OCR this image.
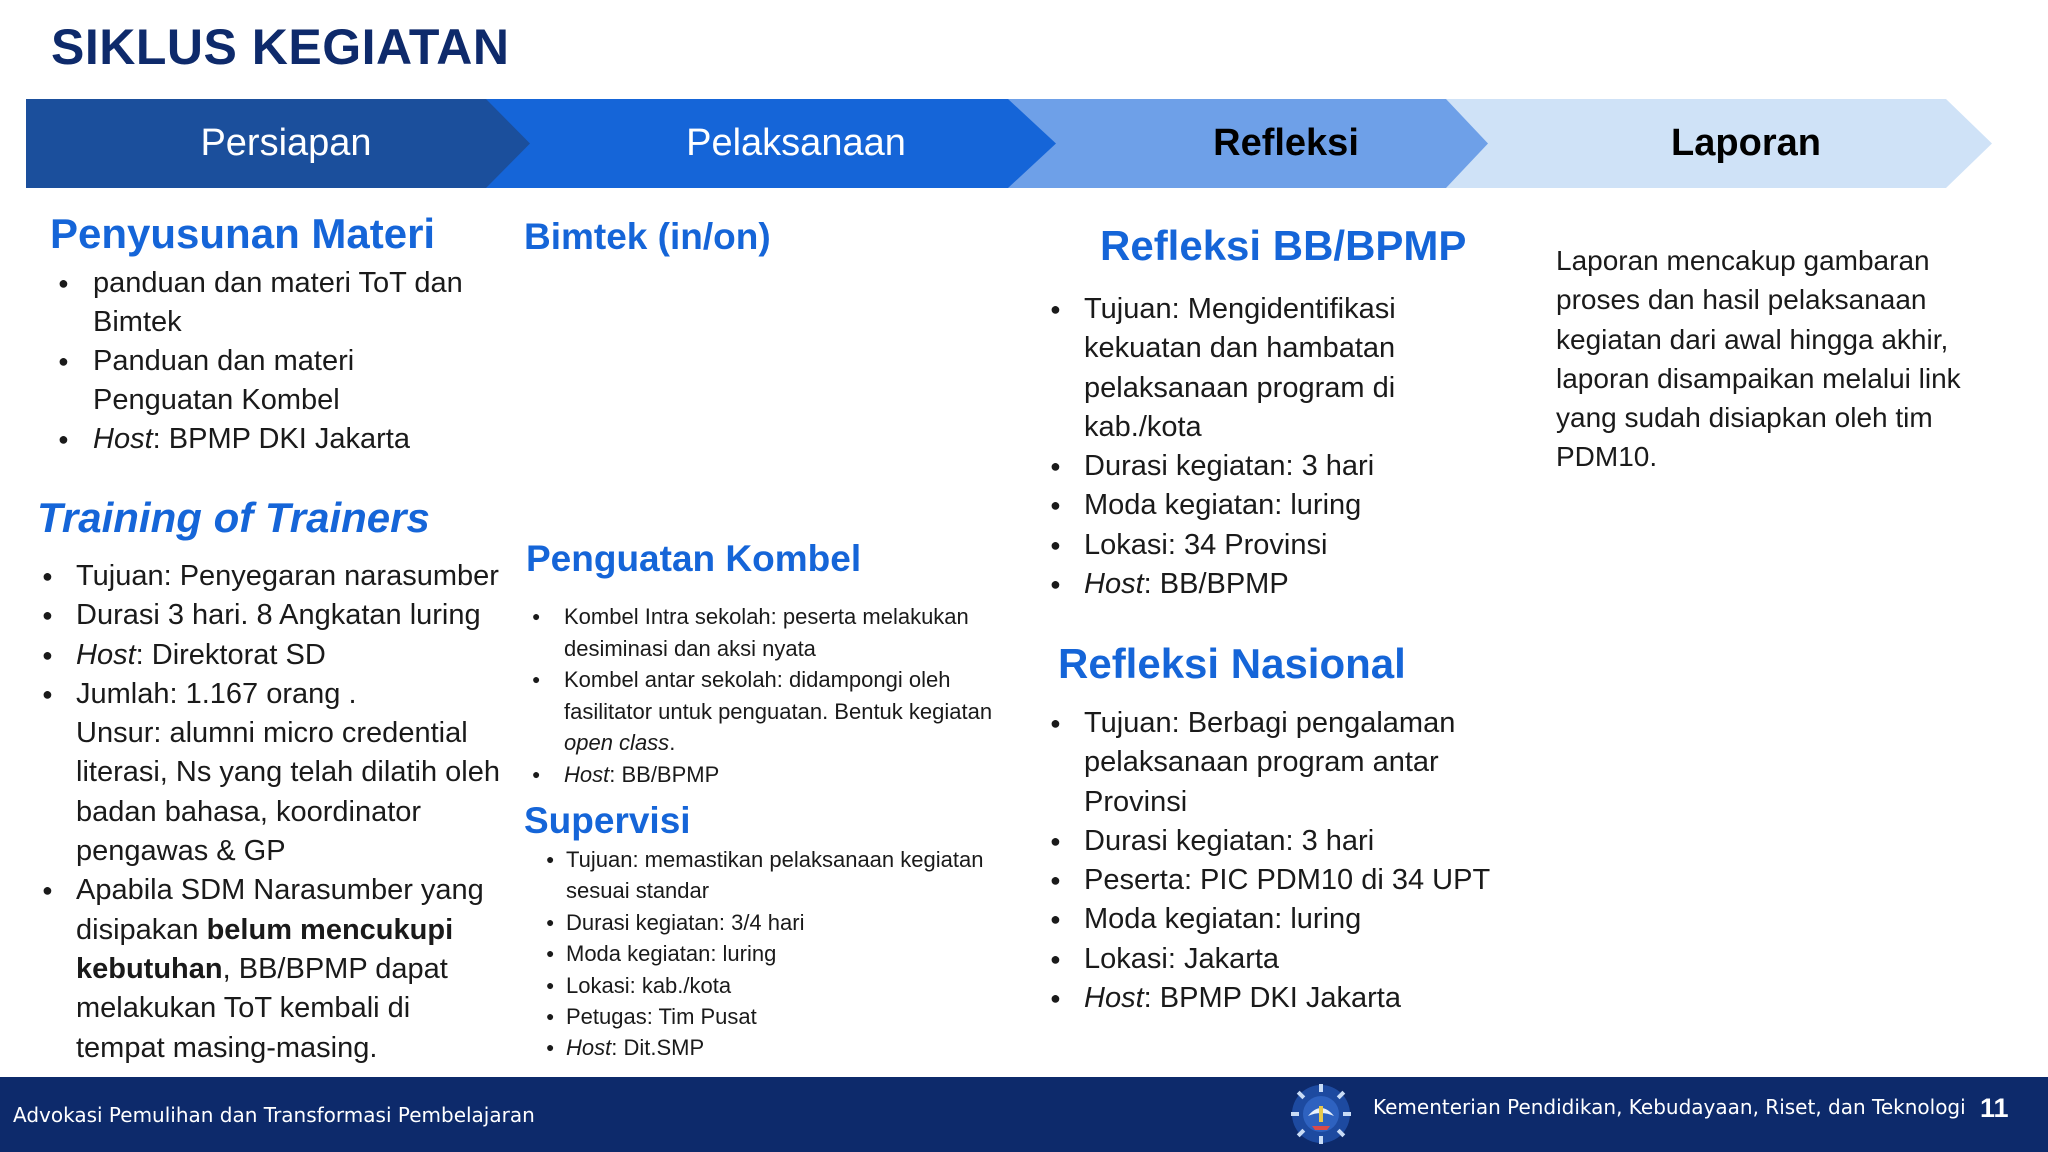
SIKLUS KEGIATAN
Persiapan	Pelaksanaan	Refleksi	Laporan
Penyusunan Materi
● panduan dan materi ToT dan Bimtek
● Panduan dan materi Penguatan Kombel
● Host: BPMP DKI Jakarta
Training of Trainers
● Tujuan: Penyegaran narasumber
● Durasi 3 hari. 8 Angkatan luring
● Host: Direktorat SD
● Jumlah: 1.167 orang .
Unsur: alumni micro credential literasi, Ns yang telah dilatih oleh badan bahasa, koordinator pengawas & GP
● Apabila SDM Narasumber yang disipakan belum mencukupi kebutuhan, BB/BPMP dapat melakukan ToT kembali di tempat masing-masing.
Bimtek (in/on)
Penguatan Kombel
● Kombel Intra sekolah: peserta melakukan desiminasi dan aksi nyata
● Kombel antar sekolah: didampongi oleh fasilitator untuk penguatan. Bentuk kegiatan open class.
● Host: BB/BPMP
Supervisi
● Tujuan: memastikan pelaksanaan kegiatan sesuai standar
● Durasi kegiatan: 3/4 hari
● Moda kegiatan: luring
● Lokasi: kab./kota
● Petugas: Tim Pusat
● Host: Dit.SMP
Refleksi BB/BPMP
● Tujuan: Mengidentifikasi kekuatan dan hambatan pelaksanaan program di kab./kota
● Durasi kegiatan: 3 hari
● Moda kegiatan: luring
● Lokasi: 34 Provinsi
● Host: BB/BPMP
Refleksi Nasional
● Tujuan: Berbagi pengalaman pelaksanaan program antar Provinsi
● Durasi kegiatan: 3 hari
● Peserta: PIC PDM10 di 34 UPT
● Moda kegiatan: luring
● Lokasi: Jakarta
● Host: BPMP DKI Jakarta
Laporan mencakup gambaran proses dan hasil pelaksanaan kegiatan dari awal hingga akhir, laporan disampaikan melalui link yang sudah disiapkan oleh tim PDM10.
Advokasi Pemulihan dan Transformasi Pembelajaran	Kementerian Pendidikan, Kebudayaan, Riset, dan Teknologi 11
